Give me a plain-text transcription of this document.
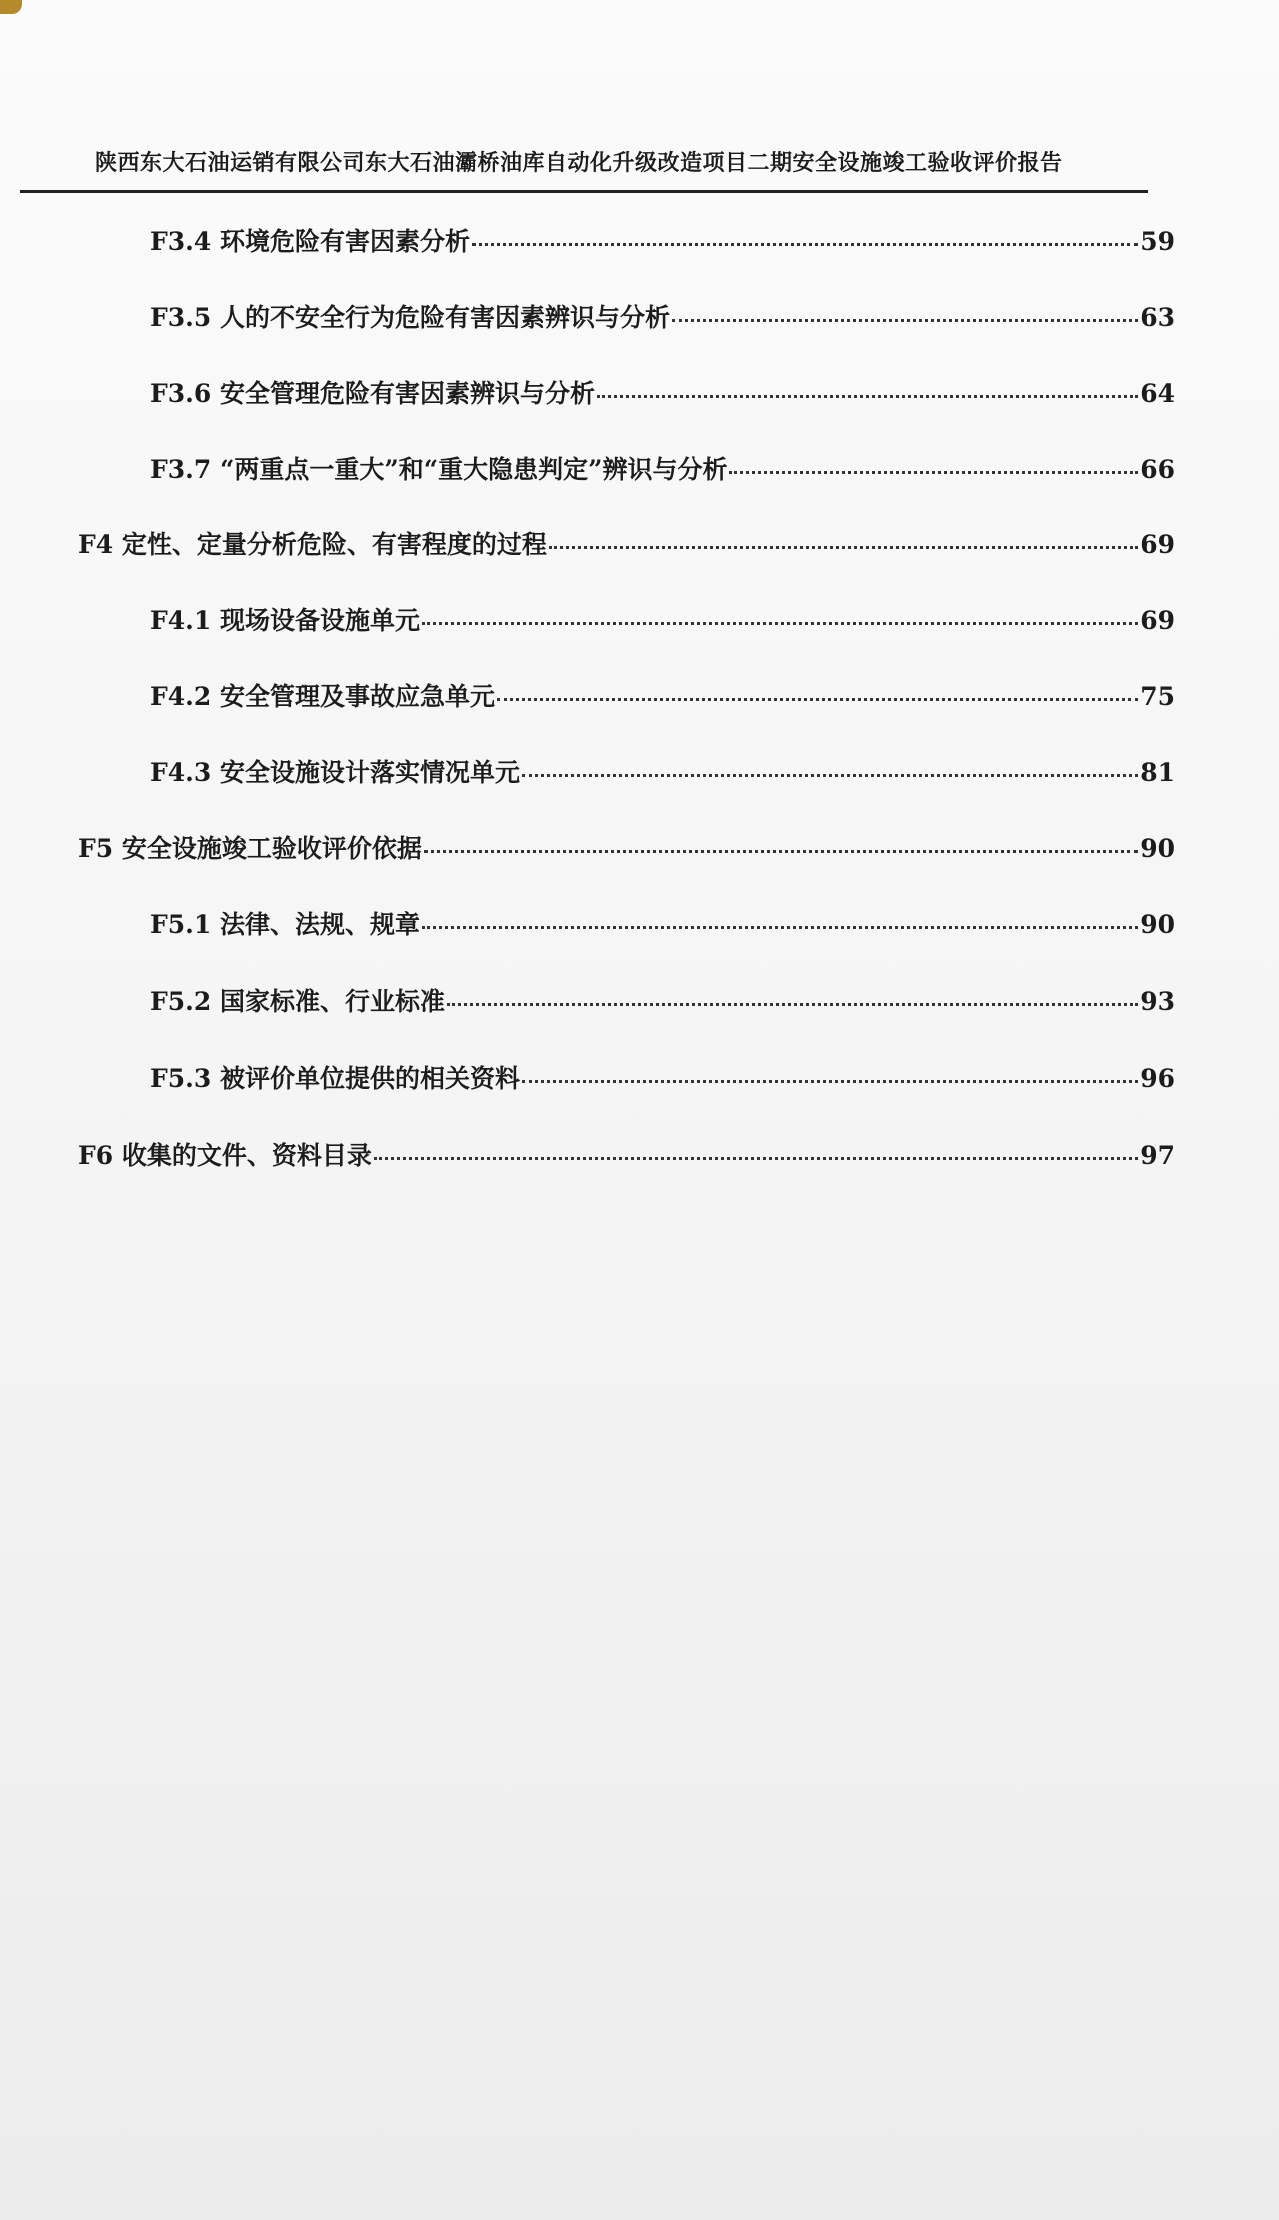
陕西东大石油运销有限公司东大石油灞桥油库自动化升级改造项目二期安全设施竣工验收评价报告
F3.4 环境危险有害因素分析	59
F3.5 人的不安全行为危险有害因素辨识与分析	63
F3.6 安全管理危险有害因素辨识与分析	64
F3.7 “两重点一重大”和“重大隐患判定”辨识与分析	66
F4 定性、定量分析危险、有害程度的过程	69
F4.1 现场设备设施单元	69
F4.2 安全管理及事故应急单元	75
F4.3 安全设施设计落实情况单元	81
F5 安全设施竣工验收评价依据	90
F5.1 法律、法规、规章	90
F5.2 国家标准、行业标准	93
F5.3 被评价单位提供的相关资料	96
F6 收集的文件、资料目录	97
